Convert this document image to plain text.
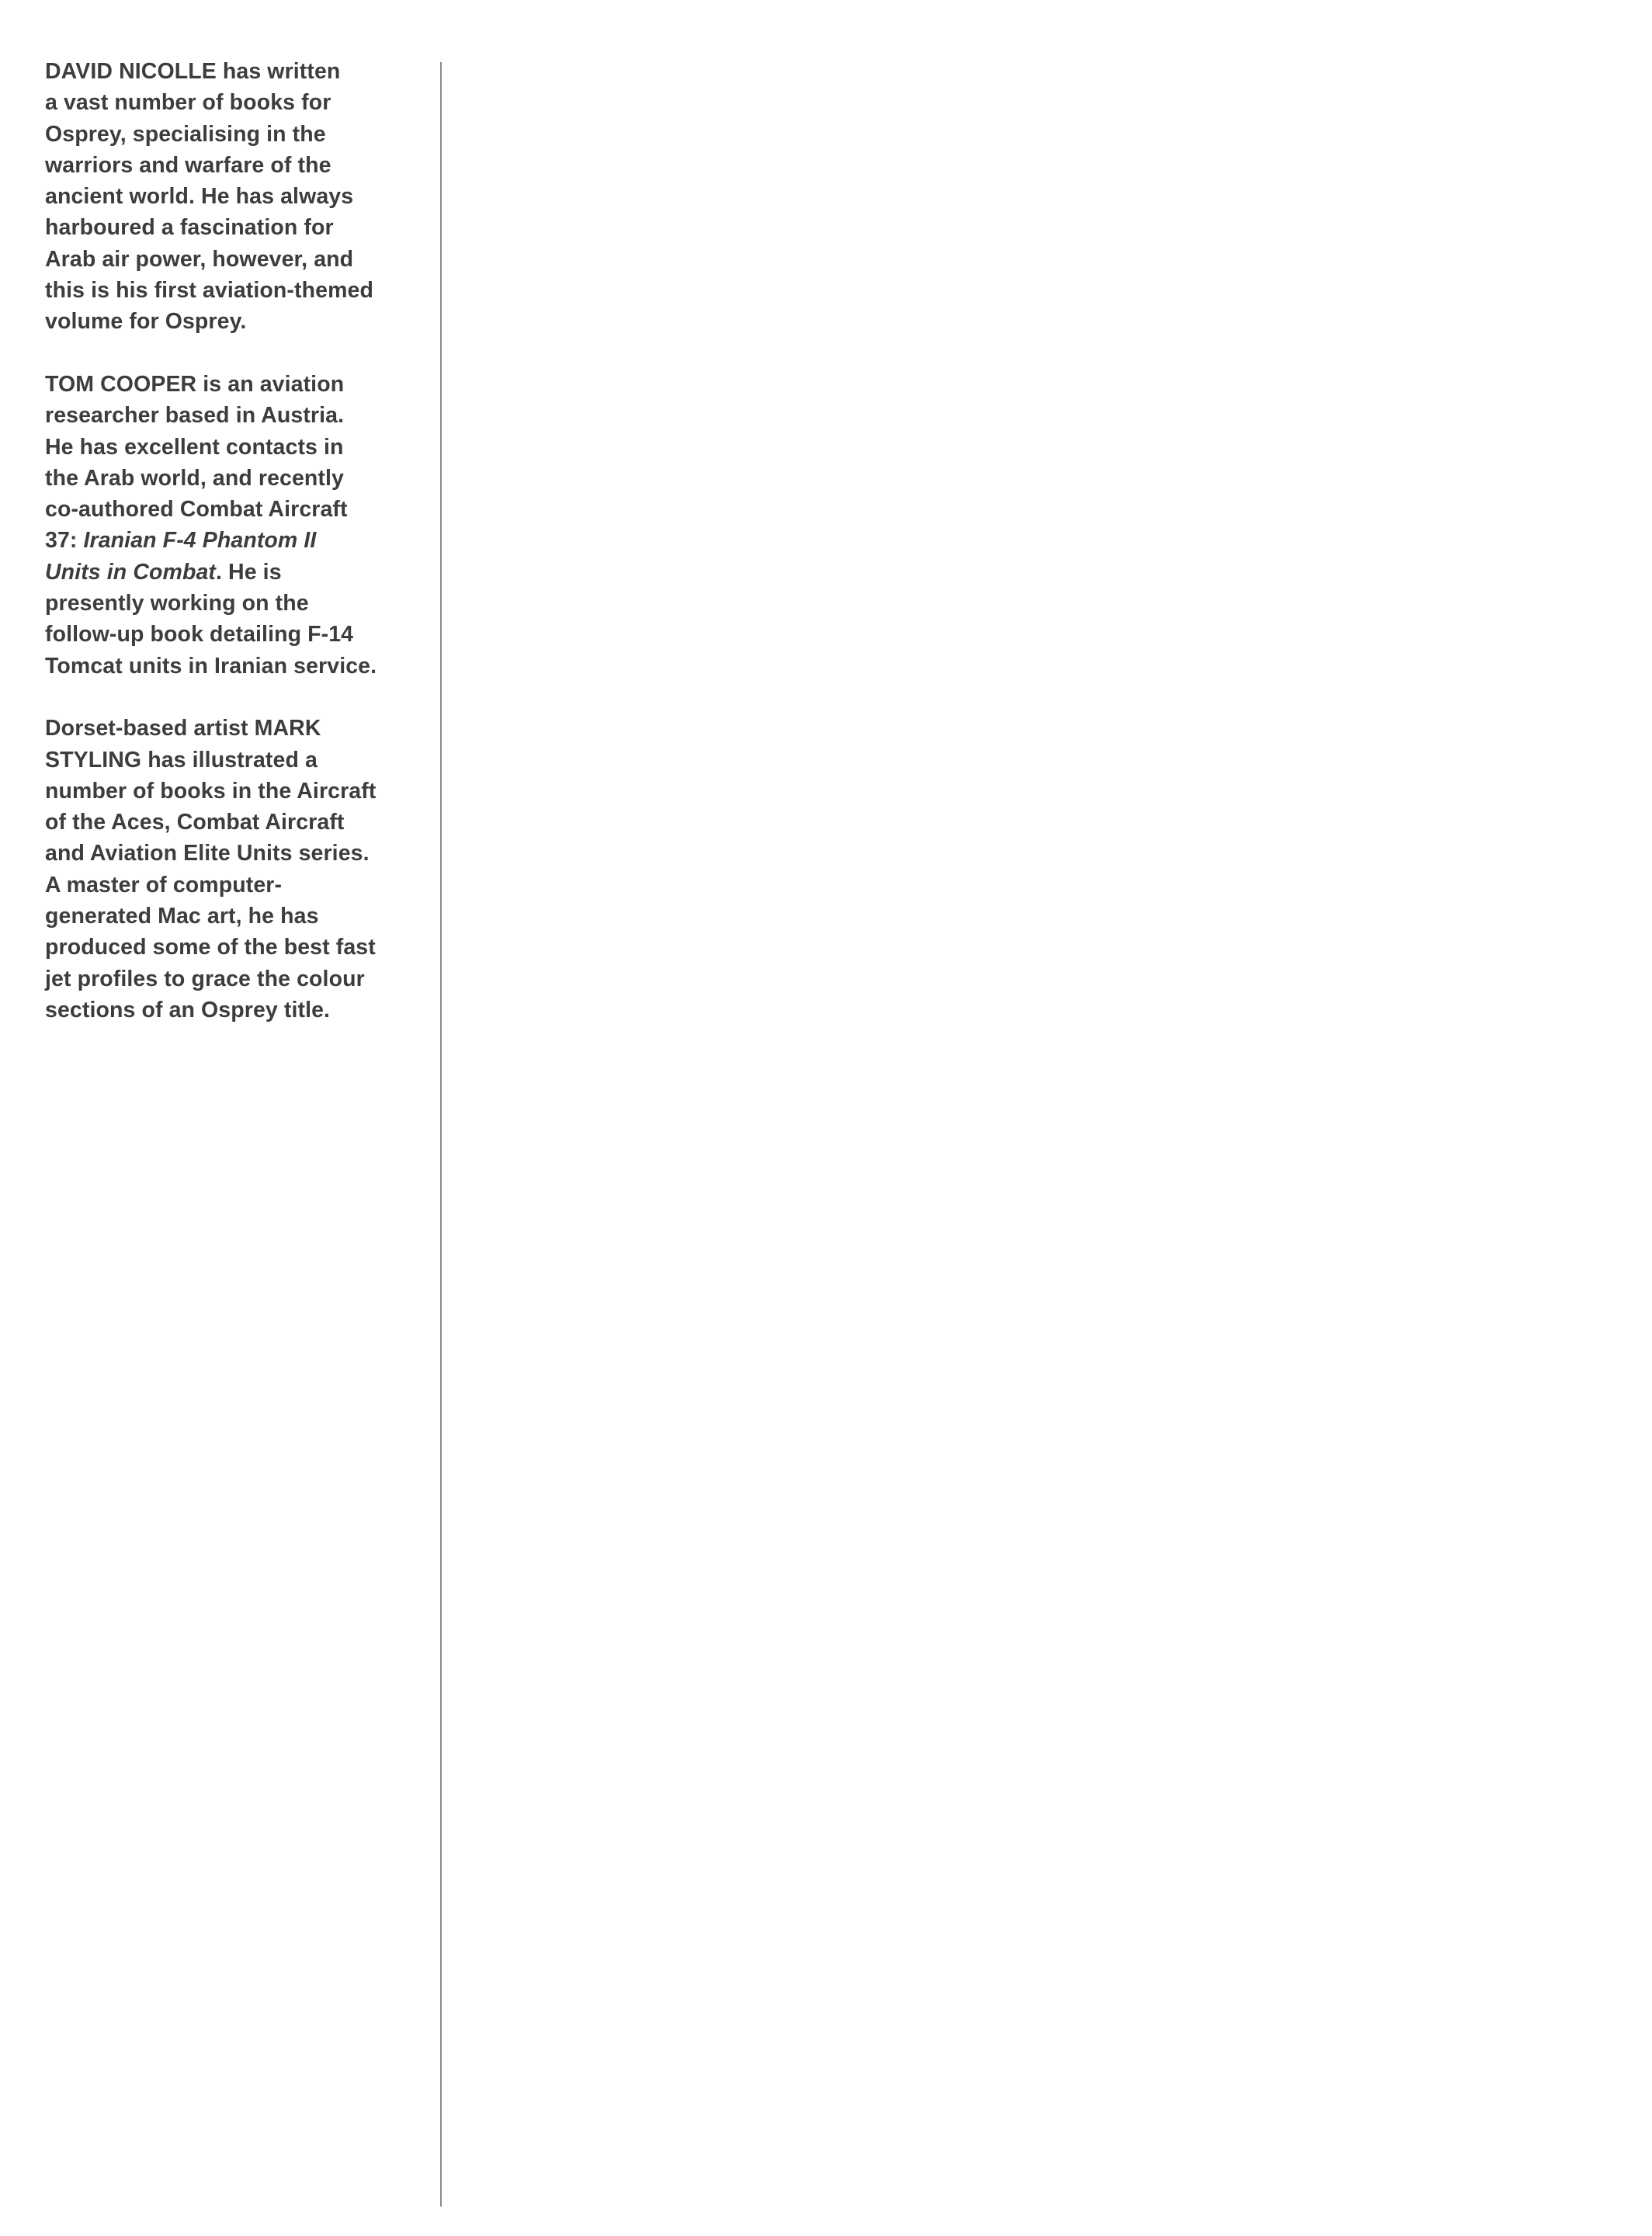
DAVID NICOLLE has written
a vast number of books for
Osprey, specialising in the
warriors and warfare of the
ancient world. He has always
harboured a fascination for
Arab air power, however, and
this is his first aviation-themed
volume for Osprey.

TOM COOPER is an aviation
researcher based in Austria.
He has excellent contacts in
the Arab world, and recently
co-authored Combat Aircraft
37: Iranian F-4 Phantom II
Units in Combat. He is
presently working on the
follow-up book detailing F-14
Tomcat units in Iranian service.

Dorset-based artist MARK
STYLING has illustrated a
number of books in the Aircraft
of the Aces, Combat Aircraft
and Aviation Elite Units series.
A master of computer-
generated Mac art, he has
produced some of the best fast
jet profiles to grace the colour
sections of an Osprey title.
